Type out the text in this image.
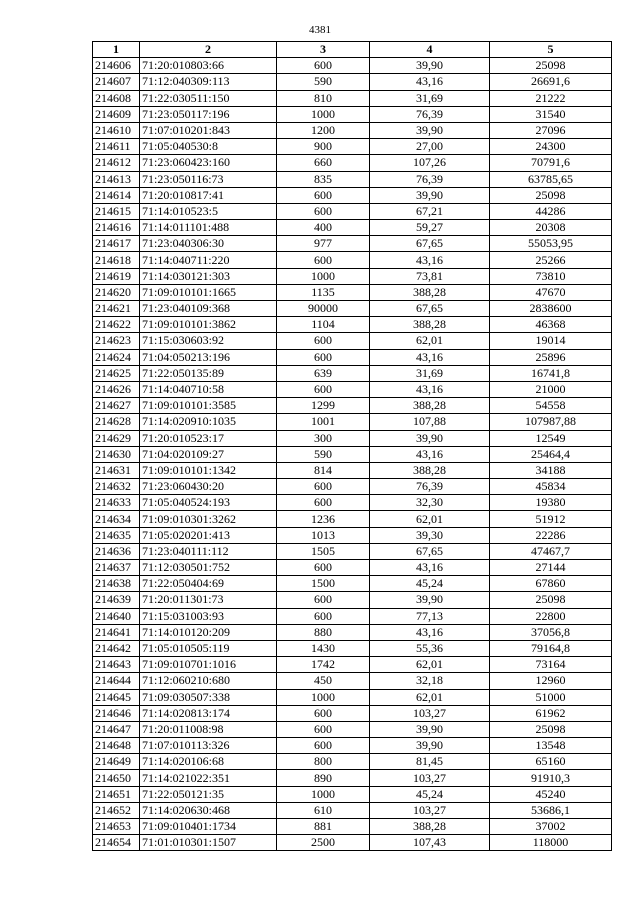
4381
1	2	3	4	5
214606	71:20:010803:66	600	39,90	25098
214607	71:12:040309:113	590	43,16	26691,6
214608	71:22:030511:150	810	31,69	21222
214609	71:23:050117:196	1000	76,39	31540
214610	71:07:010201:843	1200	39,90	27096
214611	71:05:040530:8	900	27,00	24300
214612	71:23:060423:160	660	107,26	70791,6
214613	71:23:050116:73	835	76,39	63785,65
214614	71:20:010817:41	600	39,90	25098
214615	71:14:010523:5	600	67,21	44286
214616	71:14:011101:488	400	59,27	20308
214617	71:23:040306:30	977	67,65	55053,95
214618	71:14:040711:220	600	43,16	25266
214619	71:14:030121:303	1000	73,81	73810
214620	71:09:010101:1665	1135	388,28	47670
214621	71:23:040109:368	90000	67,65	2838600
214622	71:09:010101:3862	1104	388,28	46368
214623	71:15:030603:92	600	62,01	19014
214624	71:04:050213:196	600	43,16	25896
214625	71:22:050135:89	639	31,69	16741,8
214626	71:14:040710:58	600	43,16	21000
214627	71:09:010101:3585	1299	388,28	54558
214628	71:14:020910:1035	1001	107,88	107987,88
214629	71:20:010523:17	300	39,90	12549
214630	71:04:020109:27	590	43,16	25464,4
214631	71:09:010101:1342	814	388,28	34188
214632	71:23:060430:20	600	76,39	45834
214633	71:05:040524:193	600	32,30	19380
214634	71:09:010301:3262	1236	62,01	51912
214635	71:05:020201:413	1013	39,30	22286
214636	71:23:040111:112	1505	67,65	47467,7
214637	71:12:030501:752	600	43,16	27144
214638	71:22:050404:69	1500	45,24	67860
214639	71:20:011301:73	600	39,90	25098
214640	71:15:031003:93	600	77,13	22800
214641	71:14:010120:209	880	43,16	37056,8
214642	71:05:010505:119	1430	55,36	79164,8
214643	71:09:010701:1016	1742	62,01	73164
214644	71:12:060210:680	450	32,18	12960
214645	71:09:030507:338	1000	62,01	51000
214646	71:14:020813:174	600	103,27	61962
214647	71:20:011008:98	600	39,90	25098
214648	71:07:010113:326	600	39,90	13548
214649	71:14:020106:68	800	81,45	65160
214650	71:14:021022:351	890	103,27	91910,3
214651	71:22:050121:35	1000	45,24	45240
214652	71:14:020630:468	610	103,27	53686,1
214653	71:09:010401:1734	881	388,28	37002
214654	71:01:010301:1507	2500	107,43	118000
